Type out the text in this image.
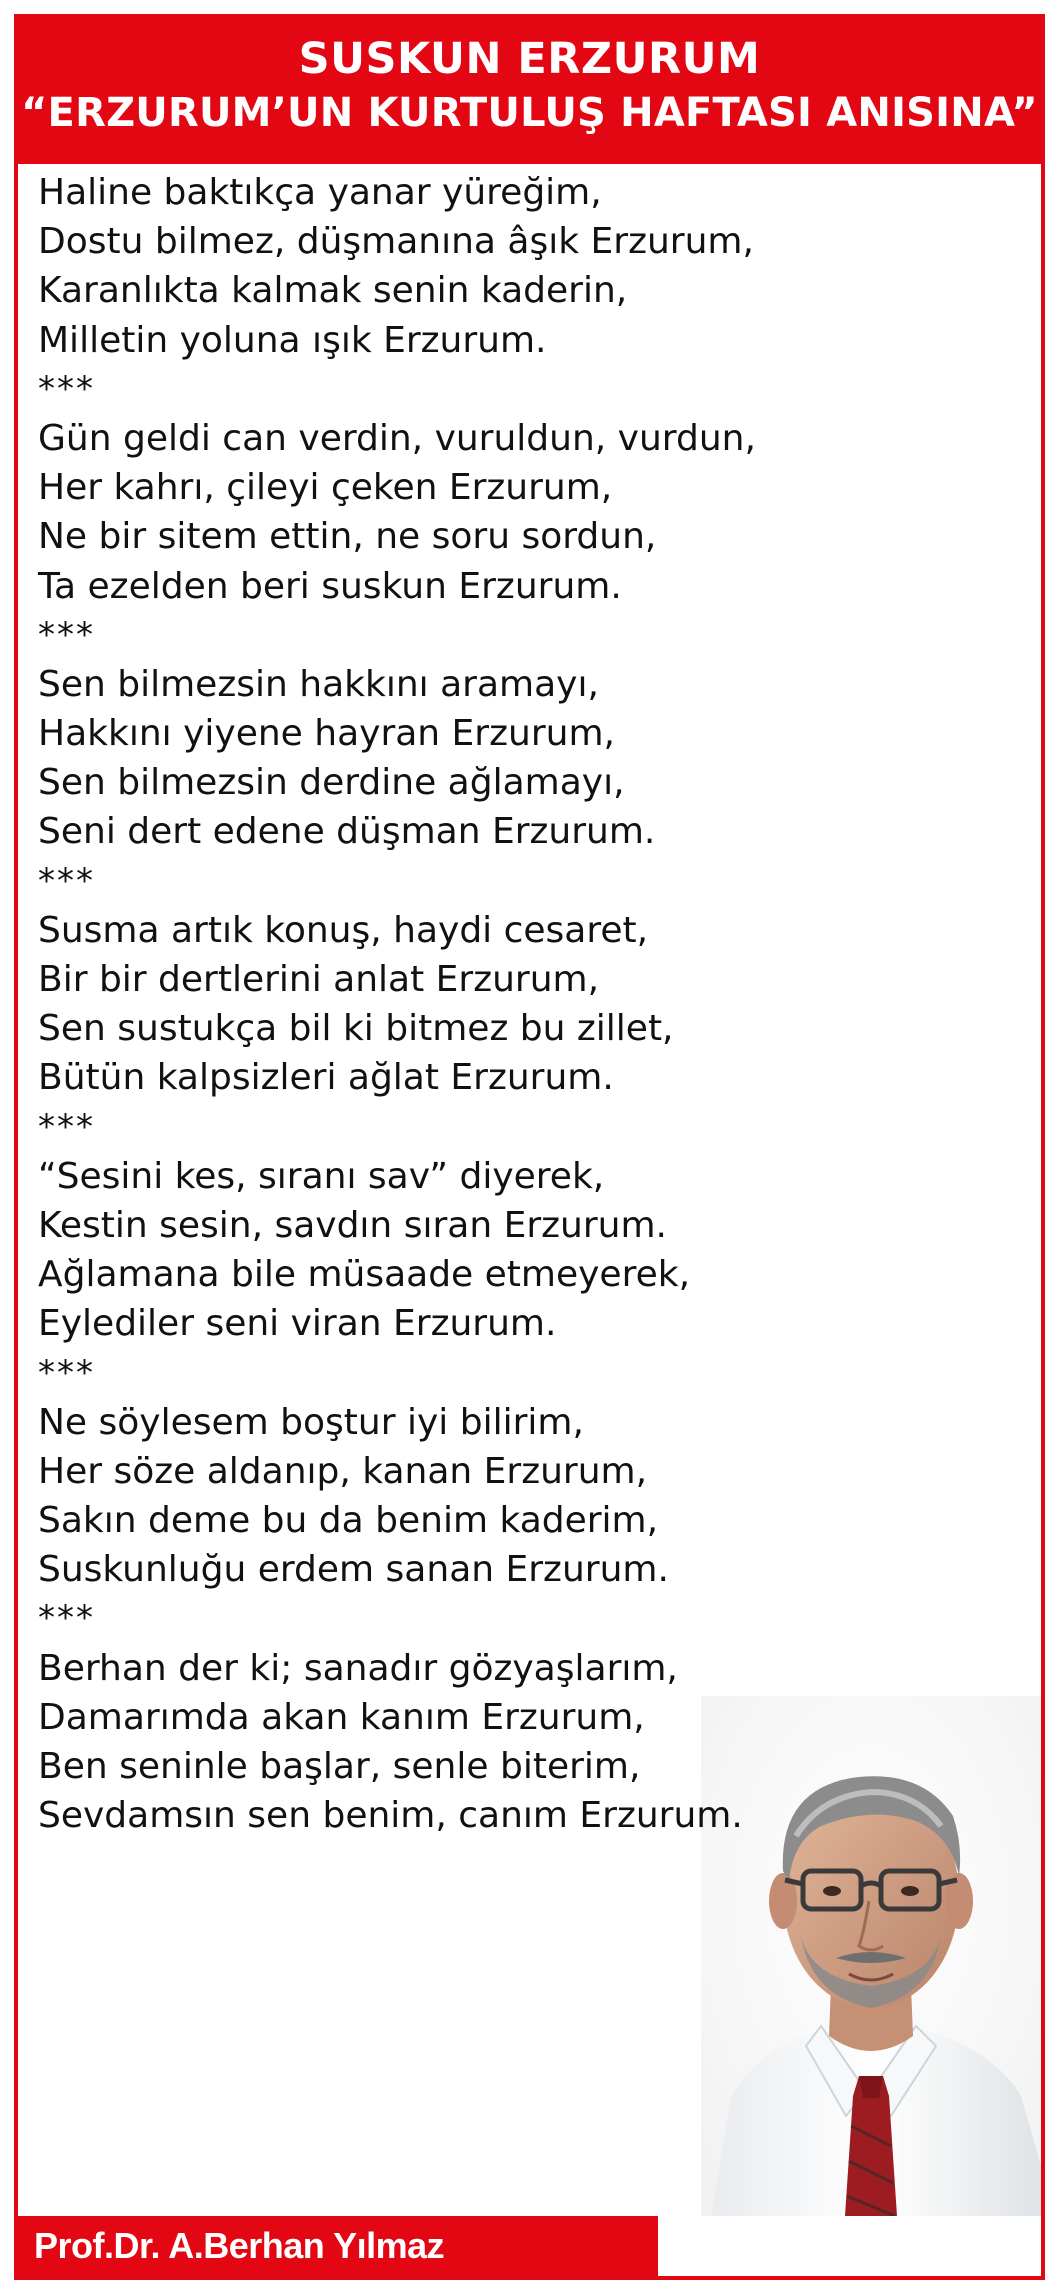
SUSKUN ERZURUM
“ERZURUM’UN KURTULUŞ HAFTASI ANISINA”
Haline baktıkça yanar yüreğim,
Dostu bilmez, düşmanına âşık Erzurum,
Karanlıkta kalmak senin kaderin,
Milletin yoluna ışık Erzurum.
***
Gün geldi can verdin, vuruldun, vurdun,
Her kahrı, çileyi çeken Erzurum,
Ne bir sitem ettin, ne soru sordun,
Ta ezelden beri suskun Erzurum.
***
Sen bilmezsin hakkını aramayı,
Hakkını yiyene hayran Erzurum,
Sen bilmezsin derdine ağlamayı,
Seni dert edene düşman Erzurum.
***
Susma artık konuş, haydi cesaret,
Bir bir dertlerini anlat Erzurum,
Sen sustukça bil ki bitmez bu zillet,
Bütün kalpsizleri ağlat Erzurum.
***
“Sesini kes, sıranı sav” diyerek,
Kestin sesin, savdın sıran Erzurum.
Ağlamana bile müsaade etmeyerek,
Eylediler seni viran Erzurum.
***
Ne söylesem boştur iyi bilirim,
Her söze aldanıp, kanan Erzurum,
Sakın deme bu da benim kaderim,
Suskunluğu erdem sanan Erzurum.
***
Berhan der ki; sanadır gözyaşlarım,
Damarımda akan kanım Erzurum,
Ben seninle başlar, senle biterim,
Sevdamsın sen benim, canım Erzurum.
Prof.Dr. A.Berhan Yılmaz
